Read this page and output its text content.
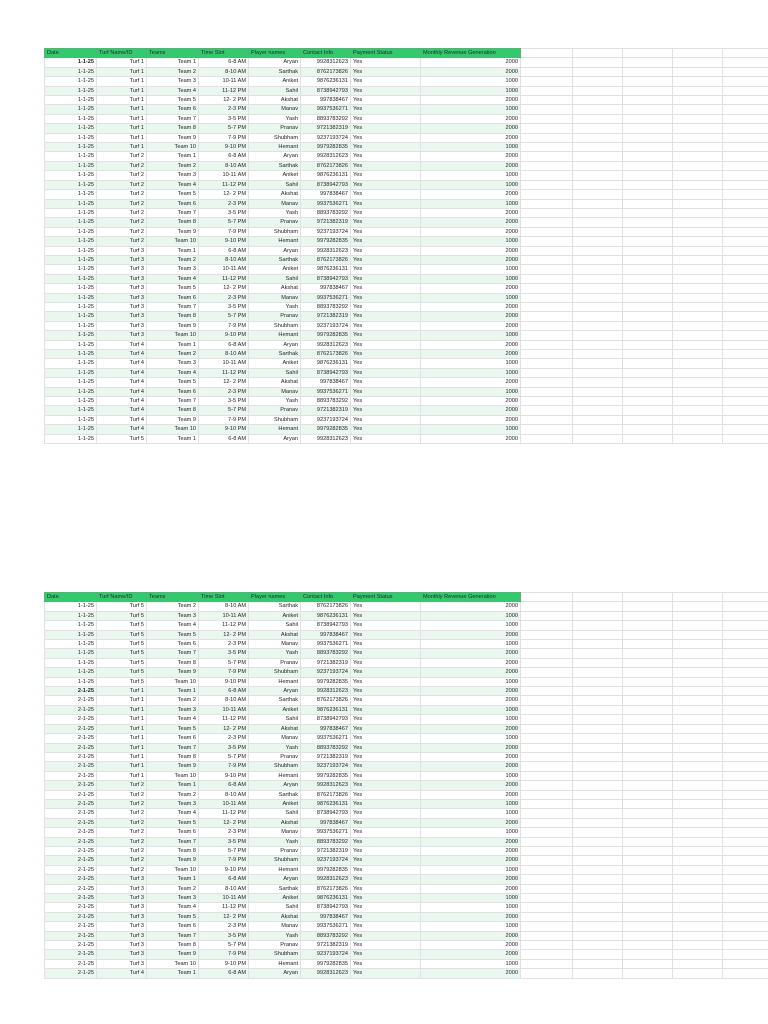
Date	Turf Name/ID	Teams	Time Slot	Player names	Contact Info	Payment Status	Monthly Revenue Generation					
1-1-25	Turf 1	Team 1	6-8 AM	Aryan	9928312623	Yes	2000					
1-1-25	Turf 1	Team 2	8-10 AM	Sarthak	8762173826	Yes	2000					
1-1-25	Turf 1	Team 3	10-11 AM	Aniket	9876236131	Yes	1000					
1-1-25	Turf 1	Team 4	11-12 PM	Sahil	8738942793	Yes	1000					
1-1-25	Turf 1	Team 5	12- 2 PM	Akshat	997838467	Yes	2000					
1-1-25	Turf 1	Team 6	2-3 PM	Manav	9937536271	Yes	1000					
1-1-25	Turf 1	Team 7	3-5 PM	Yash	8893783292	Yes	2000					
1-1-25	Turf 1	Team 8	5-7 PM	Pranav	9721382319	Yes	2000					
1-1-25	Turf 1	Team 9	7-9 PM	Shubham	9237193724	Yes	2000					
1-1-25	Turf 1	Team 10	9-10 PM	Hemant	9979282835	Yes	1000					
1-1-25	Turf 2	Team 1	6-8 AM	Aryan	9928312623	Yes	2000					
1-1-25	Turf 2	Team 2	8-10 AM	Sarthak	8762173826	Yes	2000					
1-1-25	Turf 2	Team 3	10-11 AM	Aniket	9876236131	Yes	1000					
1-1-25	Turf 2	Team 4	11-12 PM	Sahil	8738942793	Yes	1000					
1-1-25	Turf 2	Team 5	12- 2 PM	Akshat	997838467	Yes	2000					
1-1-25	Turf 2	Team 6	2-3 PM	Manav	9937536271	Yes	1000					
1-1-25	Turf 2	Team 7	3-5 PM	Yash	8893783292	Yes	2000					
1-1-25	Turf 2	Team 8	5-7 PM	Pranav	9721382319	Yes	2000					
1-1-25	Turf 2	Team 9	7-9 PM	Shubham	9237193724	Yes	2000					
1-1-25	Turf 2	Team 10	9-10 PM	Hemant	9979282835	Yes	1000					
1-1-25	Turf 3	Team 1	6-8 AM	Aryan	9928312623	Yes	2000					
1-1-25	Turf 3	Team 2	8-10 AM	Sarthak	8762173826	Yes	2000					
1-1-25	Turf 3	Team 3	10-11 AM	Aniket	9876236131	Yes	1000					
1-1-25	Turf 3	Team 4	11-12 PM	Sahil	8738942793	Yes	1000					
1-1-25	Turf 3	Team 5	12- 2 PM	Akshat	997838467	Yes	2000					
1-1-25	Turf 3	Team 6	2-3 PM	Manav	9937536271	Yes	1000					
1-1-25	Turf 3	Team 7	3-5 PM	Yash	8893783292	Yes	2000					
1-1-25	Turf 3	Team 8	5-7 PM	Pranav	9721382319	Yes	2000					
1-1-25	Turf 3	Team 9	7-9 PM	Shubham	9237193724	Yes	2000					
1-1-25	Turf 3	Team 10	9-10 PM	Hemant	9979282835	Yes	1000					
1-1-25	Turf 4	Team 1	6-8 AM	Aryan	9928312623	Yes	2000					
1-1-25	Turf 4	Team 2	8-10 AM	Sarthak	8762173826	Yes	2000					
1-1-25	Turf 4	Team 3	10-11 AM	Aniket	9876236131	Yes	1000					
1-1-25	Turf 4	Team 4	11-12 PM	Sahil	8738942793	Yes	1000					
1-1-25	Turf 4	Team 5	12- 2 PM	Akshat	997838467	Yes	2000					
1-1-25	Turf 4	Team 6	2-3 PM	Manav	9937536271	Yes	1000					
1-1-25	Turf 4	Team 7	3-5 PM	Yash	8893783292	Yes	2000					
1-1-25	Turf 4	Team 8	5-7 PM	Pranav	9721382319	Yes	2000					
1-1-25	Turf 4	Team 9	7-9 PM	Shubham	9237193724	Yes	2000					
1-1-25	Turf 4	Team 10	9-10 PM	Hemant	9979282835	Yes	1000					
1-1-25	Turf 5	Team 1	6-8 AM	Aryan	9928312623	Yes	2000					
Date	Turf Name/ID	Teams	Time Slot	Player names	Contact Info	Payment Status	Monthly Revenue Generation					
1-1-25	Turf 5	Team 2	8-10 AM	Sarthak	8762173826	Yes	2000					
1-1-25	Turf 5	Team 3	10-11 AM	Aniket	9876236131	Yes	1000					
1-1-25	Turf 5	Team 4	11-12 PM	Sahil	8738942793	Yes	1000					
1-1-25	Turf 5	Team 5	12- 2 PM	Akshat	997838467	Yes	2000					
1-1-25	Turf 5	Team 6	2-3 PM	Manav	9937536271	Yes	1000					
1-1-25	Turf 5	Team 7	3-5 PM	Yash	8893783292	Yes	2000					
1-1-25	Turf 5	Team 8	5-7 PM	Pranav	9721382319	Yes	2000					
1-1-25	Turf 5	Team 9	7-9 PM	Shubham	9237193724	Yes	2000					
1-1-25	Turf 5	Team 10	9-10 PM	Hemant	9979282835	Yes	1000					
2-1-25	Turf 1	Team 1	6-8 AM	Aryan	9928312623	Yes	2000					
2-1-25	Turf 1	Team 2	8-10 AM	Sarthak	8762173826	Yes	2000					
2-1-25	Turf 1	Team 3	10-11 AM	Aniket	9876236131	Yes	1000					
2-1-25	Turf 1	Team 4	11-12 PM	Sahil	8738942793	Yes	1000					
2-1-25	Turf 1	Team 5	12- 2 PM	Akshat	997838467	Yes	2000					
2-1-25	Turf 1	Team 6	2-3 PM	Manav	9937536271	Yes	1000					
2-1-25	Turf 1	Team 7	3-5 PM	Yash	8893783292	Yes	2000					
2-1-25	Turf 1	Team 8	5-7 PM	Pranav	9721382319	Yes	2000					
2-1-25	Turf 1	Team 9	7-9 PM	Shubham	9237193724	Yes	2000					
2-1-25	Turf 1	Team 10	9-10 PM	Hemant	9979282835	Yes	1000					
2-1-25	Turf 2	Team 1	6-8 AM	Aryan	9928312623	Yes	2000					
2-1-25	Turf 2	Team 2	8-10 AM	Sarthak	8762173826	Yes	2000					
2-1-25	Turf 2	Team 3	10-11 AM	Aniket	9876236131	Yes	1000					
2-1-25	Turf 2	Team 4	11-12 PM	Sahil	8738942793	Yes	1000					
2-1-25	Turf 2	Team 5	12- 2 PM	Akshat	997838467	Yes	2000					
2-1-25	Turf 2	Team 6	2-3 PM	Manav	9937536271	Yes	1000					
2-1-25	Turf 2	Team 7	3-5 PM	Yash	8893783292	Yes	2000					
2-1-25	Turf 2	Team 8	5-7 PM	Pranav	9721382319	Yes	2000					
2-1-25	Turf 2	Team 9	7-9 PM	Shubham	9237193724	Yes	2000					
2-1-25	Turf 2	Team 10	9-10 PM	Hemant	9979282835	Yes	1000					
2-1-25	Turf 3	Team 1	6-8 AM	Aryan	9928312623	Yes	2000					
2-1-25	Turf 3	Team 2	8-10 AM	Sarthak	8762173826	Yes	2000					
2-1-25	Turf 3	Team 3	10-11 AM	Aniket	9876236131	Yes	1000					
2-1-25	Turf 3	Team 4	11-12 PM	Sahil	8738942793	Yes	1000					
2-1-25	Turf 3	Team 5	12- 2 PM	Akshat	997838467	Yes	2000					
2-1-25	Turf 3	Team 6	2-3 PM	Manav	9937536271	Yes	1000					
2-1-25	Turf 3	Team 7	3-5 PM	Yash	8893783292	Yes	2000					
2-1-25	Turf 3	Team 8	5-7 PM	Pranav	9721382319	Yes	2000					
2-1-25	Turf 3	Team 9	7-9 PM	Shubham	9237193724	Yes	2000					
2-1-25	Turf 3	Team 10	9-10 PM	Hemant	9979282835	Yes	1000					
2-1-25	Turf 4	Team 1	6-8 AM	Aryan	9928312623	Yes	2000					
